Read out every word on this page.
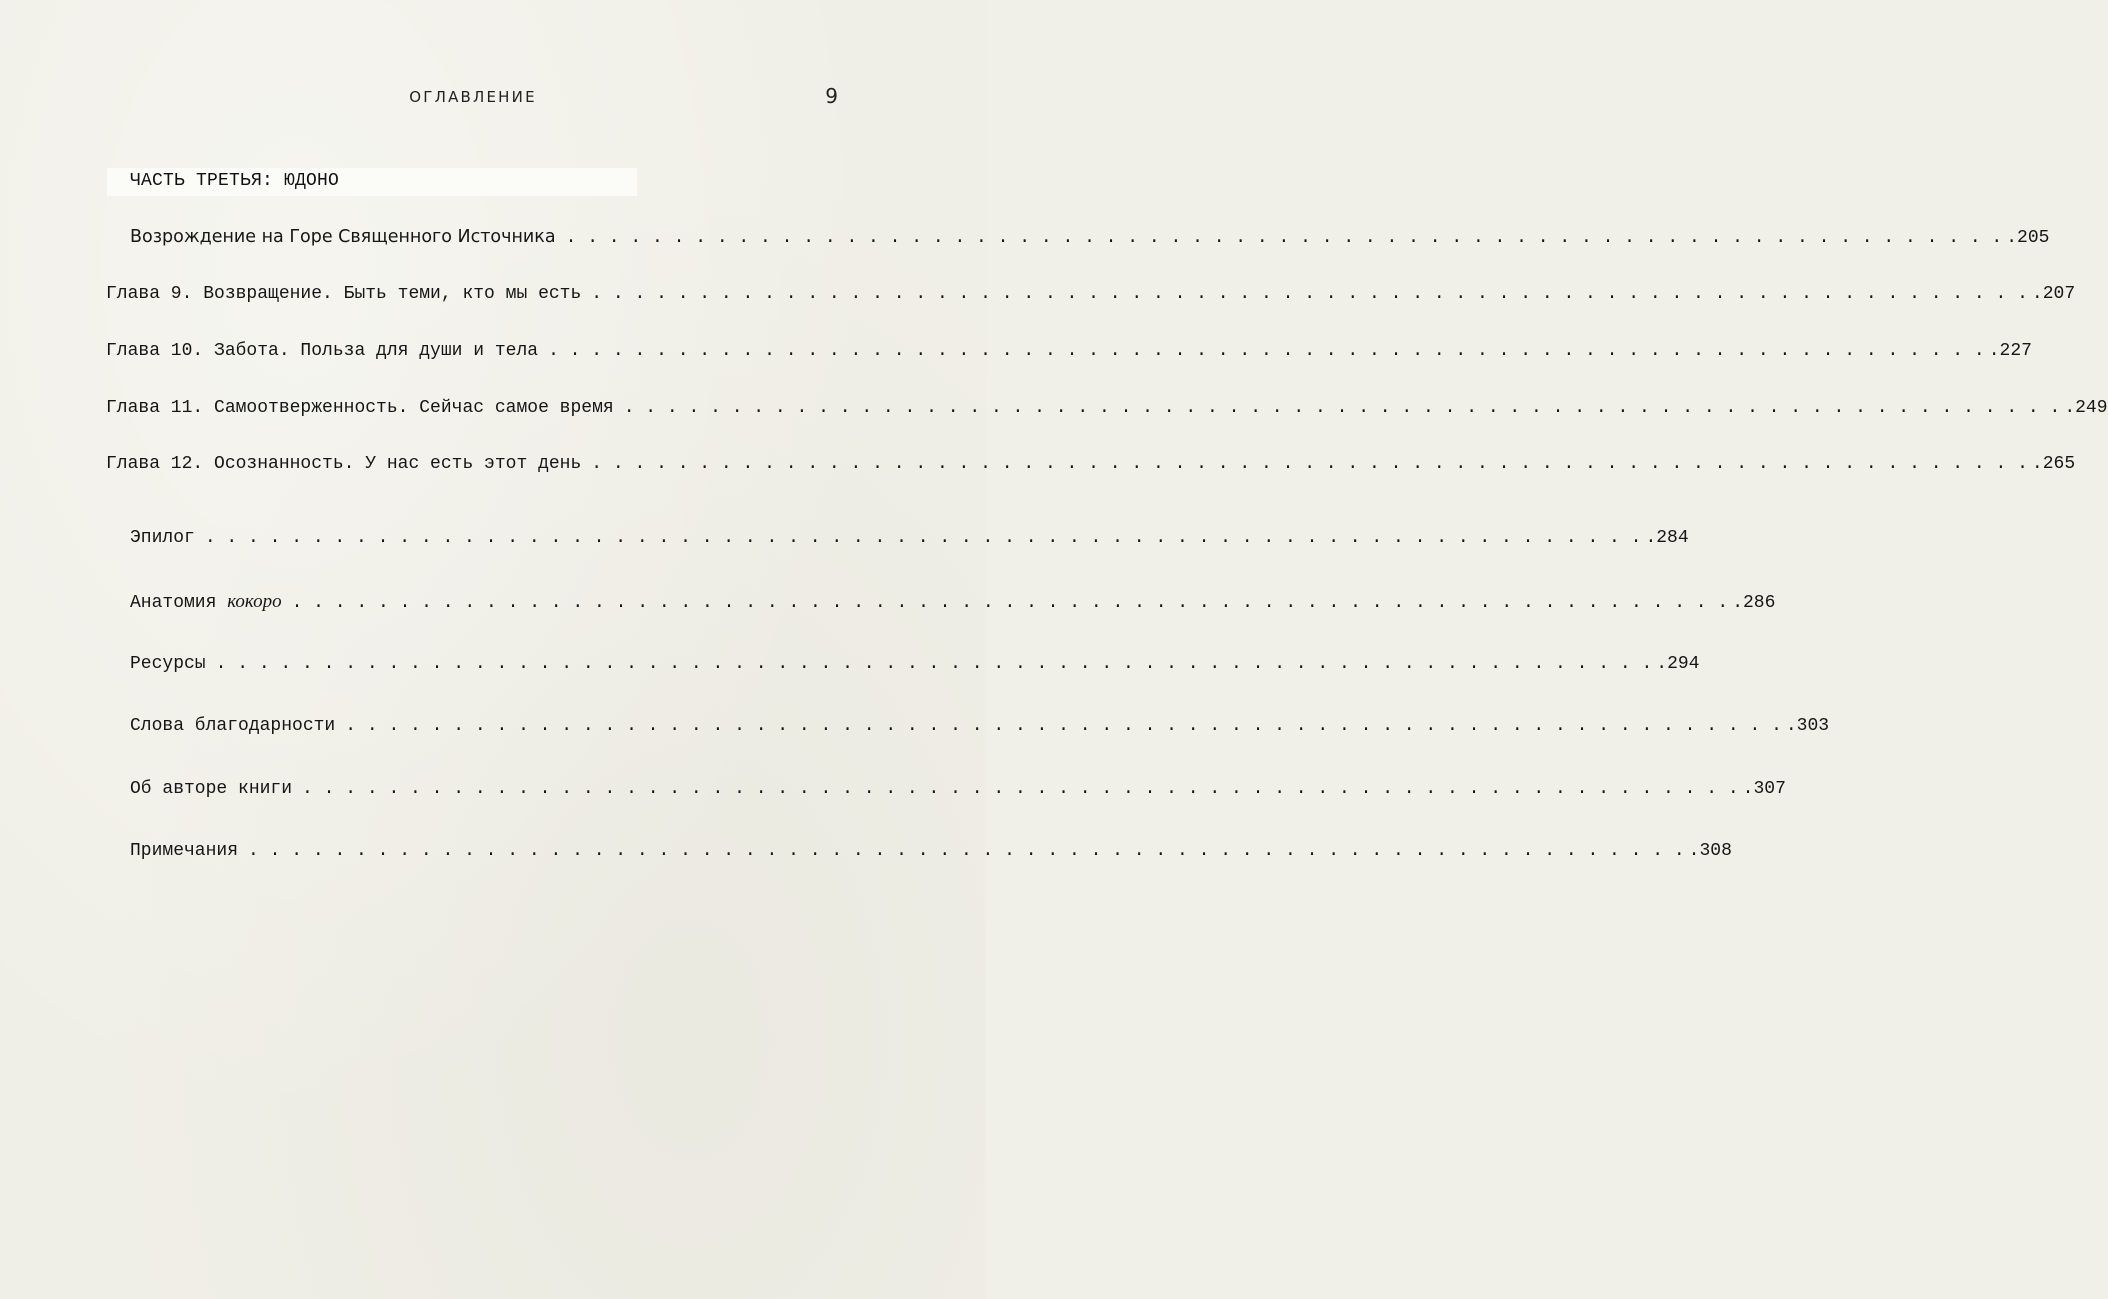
ОГЛАВЛЕНИЕ	9
ЧАСТЬ ТРЕТЬЯ: ЮДОНО
Возрождение на Горе Священного Источника . . . . . . . . . . . . . . . . . . . . . . . . . . . . . . . . . . . . . . . . . . . . . . . . . . . . . . . . . . . . . . . . . . . .205
Глава 9. Возвращение. Быть теми, кто мы есть . . . . . . . . . . . . . . . . . . . . . . . . . . . . . . . . . . . . . . . . . . . . . . . . . . . . . . . . . . . . . . . . . . . .207
Глава 10. Забота. Польза для души и тела . . . . . . . . . . . . . . . . . . . . . . . . . . . . . . . . . . . . . . . . . . . . . . . . . . . . . . . . . . . . . . . . . . . .227
Глава 11. Самоотверженность. Сейчас самое время . . . . . . . . . . . . . . . . . . . . . . . . . . . . . . . . . . . . . . . . . . . . . . . . . . . . . . . . . . . . . . . . . . . .249
Глава 12. Осознанность. У нас есть этот день . . . . . . . . . . . . . . . . . . . . . . . . . . . . . . . . . . . . . . . . . . . . . . . . . . . . . . . . . . . . . . . . . . . .265
Эпилог . . . . . . . . . . . . . . . . . . . . . . . . . . . . . . . . . . . . . . . . . . . . . . . . . . . . . . . . . . . . . . . . . . . .284
Анатомия кокоро . . . . . . . . . . . . . . . . . . . . . . . . . . . . . . . . . . . . . . . . . . . . . . . . . . . . . . . . . . . . . . . . . . . .286
Ресурсы . . . . . . . . . . . . . . . . . . . . . . . . . . . . . . . . . . . . . . . . . . . . . . . . . . . . . . . . . . . . . . . . . . . .294
Слова благодарности . . . . . . . . . . . . . . . . . . . . . . . . . . . . . . . . . . . . . . . . . . . . . . . . . . . . . . . . . . . . . . . . . . . .303
Об авторе книги . . . . . . . . . . . . . . . . . . . . . . . . . . . . . . . . . . . . . . . . . . . . . . . . . . . . . . . . . . . . . . . . . . . .307
Примечания . . . . . . . . . . . . . . . . . . . . . . . . . . . . . . . . . . . . . . . . . . . . . . . . . . . . . . . . . . . . . . . . . . . .308
